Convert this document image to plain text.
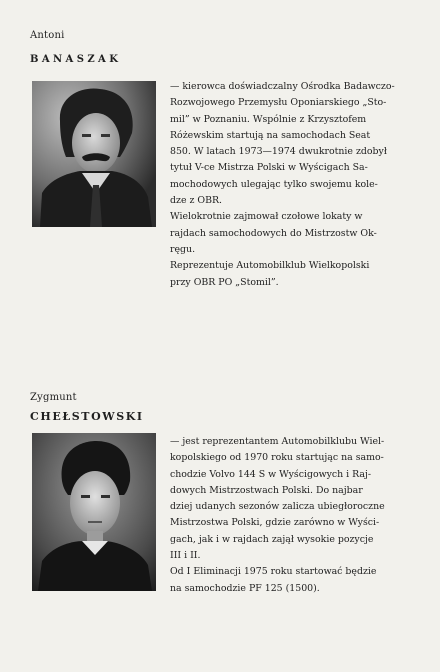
Antoni
BANASZAK
— kierowca doświadczalny Ośrodka Badawczo-
Rozwojowego Przemysłu Oponiarskiego „Sto-
mil” w Poznaniu. Wspólnie z Krzysztofem
Różewskim startują na samochodach Seat
850. W latach 1973—1974 dwukrotnie zdobył
tytuł V-ce Mistrza Polski w Wyścigach Sa-
mochodowych ulegając tylko swojemu kole-
dze z OBR.
Wielokrotnie zajmował czołowe lokaty w
rajdach samochodowych do Mistrzostw Ok-
ręgu.
Reprezentuje Automobilklub Wielkopolski
przy OBR PO „Stomil”.
Zygmunt
CHEŁSTOWSKI
— jest reprezentantem Automobilklubu Wiel-
kopolskiego od 1970 roku startując na samo-
chodzie Volvo 144 S w Wyścigowych i Raj-
dowych Mistrzostwach Polski. Do najbar
dziej udanych sezonów zalicza ubiegłoroczne
Mistrzostwa Polski, gdzie zarówno w Wyści-
gach, jak i w rajdach zajął wysokie pozycje
III i II.
Od I Eliminacji 1975 roku startować będzie
na samochodzie PF 125 (1500).
